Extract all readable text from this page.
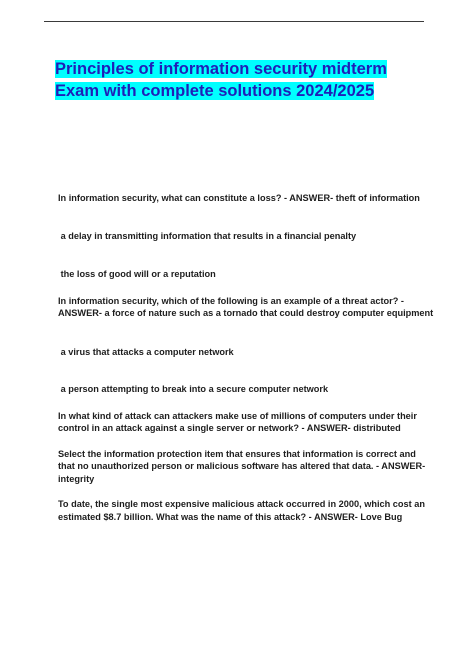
Principles of information security midterm
Exam with complete solutions 2024/2025

In information security, what can constitute a loss? - ANSWER- theft of information

a delay in transmitting information that results in a financial penalty

the loss of good will or a reputation

In information security, which of the following is an example of a threat actor? - ANSWER- a force of nature such as a tornado that could destroy computer equipment

a virus that attacks a computer network

a person attempting to break into a secure computer network

In what kind of attack can attackers make use of millions of computers under their control in an attack against a single server or network? - ANSWER- distributed

Select the information protection item that ensures that information is correct and that no unauthorized person or malicious software has altered that data. - ANSWER- integrity

To date, the single most expensive malicious attack occurred in 2000, which cost an estimated $8.7 billion. What was the name of this attack? - ANSWER- Love Bug
